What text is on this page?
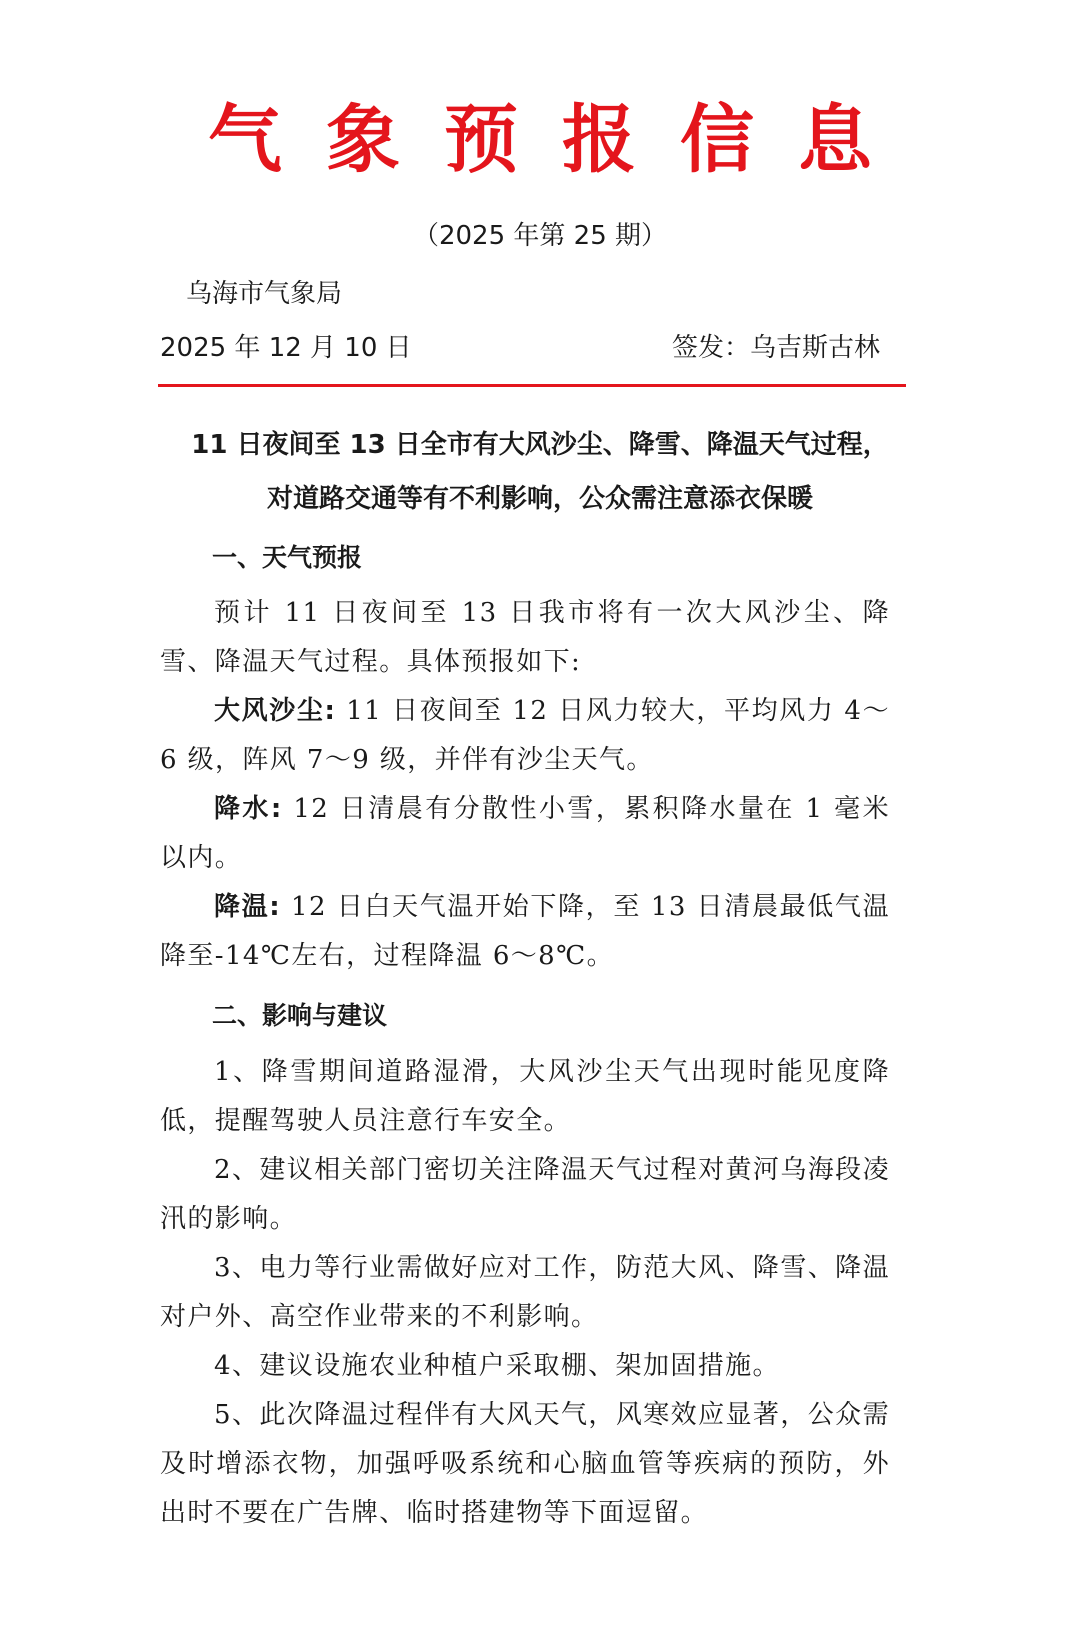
气象预报信息
（2025 年第 25 期）
乌海市气象局
2025 年 12 月 10 日	签发：乌吉斯古林
11 日夜间至 13 日全市有大风沙尘、降雪、降温天气过程，
对道路交通等有不利影响，公众需注意添衣保暖
一、天气预报
预计 11 日夜间至 13 日我市将有一次大风沙尘、降雪、降温天气过程。具体预报如下:
大风沙尘: 11 日夜间至 12 日风力较大，平均风力 4～6 级，阵风 7～9 级，并伴有沙尘天气。
降水: 12 日清晨有分散性小雪，累积降水量在 1 毫米以内。
降温: 12 日白天气温开始下降，至 13 日清晨最低气温降至-14℃左右，过程降温 6～8℃。
二、影响与建议
1、降雪期间道路湿滑，大风沙尘天气出现时能见度降低，提醒驾驶人员注意行车安全。
2、建议相关部门密切关注降温天气过程对黄河乌海段凌汛的影响。
3、电力等行业需做好应对工作，防范大风、降雪、降温对户外、高空作业带来的不利影响。
4、建议设施农业种植户采取棚、架加固措施。
5、此次降温过程伴有大风天气，风寒效应显著，公众需及时增添衣物，加强呼吸系统和心脑血管等疾病的预防，外出时不要在广告牌、临时搭建物等下面逗留。
